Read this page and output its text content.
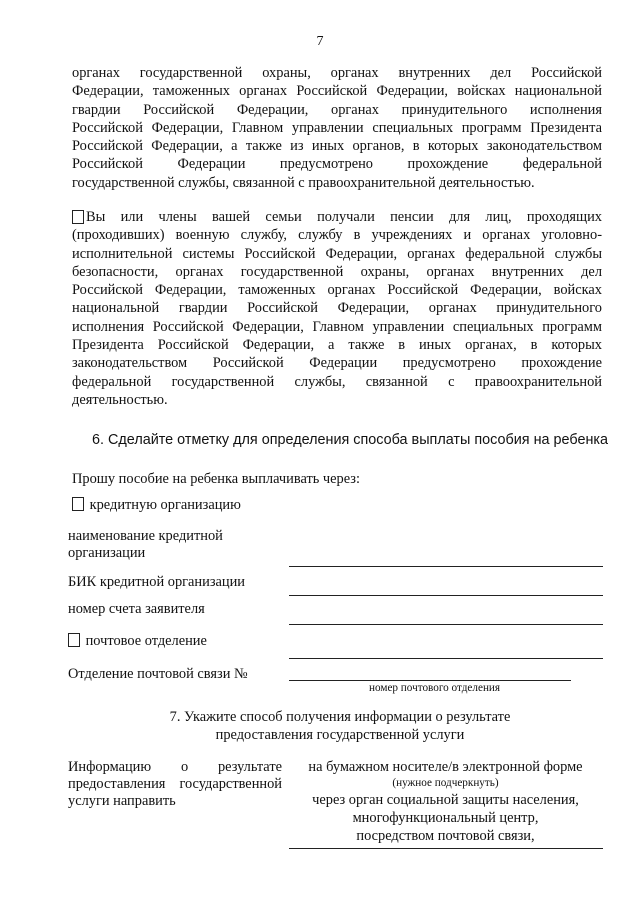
7
органах государственной охраны, органах внутренних дел Российской
Федерации, таможенных органах Российской Федерации, войсках национальной
гвардии Российской Федерации, органах принудительного исполнения
Российской Федерации, Главном управлении специальных программ Президента
Российской Федерации, а также из иных органов, в которых законодательством
Российской Федерации предусмотрено прохождение федеральной
государственной службы, связанной с правоохранительной деятельностью.
Вы или члены вашей семьи получали пенсии для лиц, проходящих
(проходивших) военную службу, службу в учреждениях и органах уголовно-
исполнительной системы Российской Федерации, органах федеральной службы
безопасности, органах государственной охраны, органах внутренних дел
Российской Федерации, таможенных органах Российской Федерации, войсках
национальной гвардии Российской Федерации, органах принудительного
исполнения Российской Федерации, Главном управлении специальных программ
Президента Российской Федерации, а также в иных органах, в которых
законодательством Российской Федерации предусмотрено прохождение
федеральной государственной службы, связанной с правоохранительной
деятельностью.
6. Сделайте отметку для определения способа выплаты пособия на ребенка
Прошу пособие на ребенка выплачивать через:
кредитную организацию
наименование кредитной
организации
БИК кредитной организации
номер счета заявителя
почтовое отделение
Отделение почтовой связи №
номер почтового отделения
7. Укажите способ получения информации о результате
предоставления государственной услуги
Информацию о результате
предоставления государственной
услуги направить
на бумажном носителе/в электронной форме
(нужное подчеркнуть)
через орган социальной защиты населения,
многофункциональный центр,
посредством почтовой связи,
